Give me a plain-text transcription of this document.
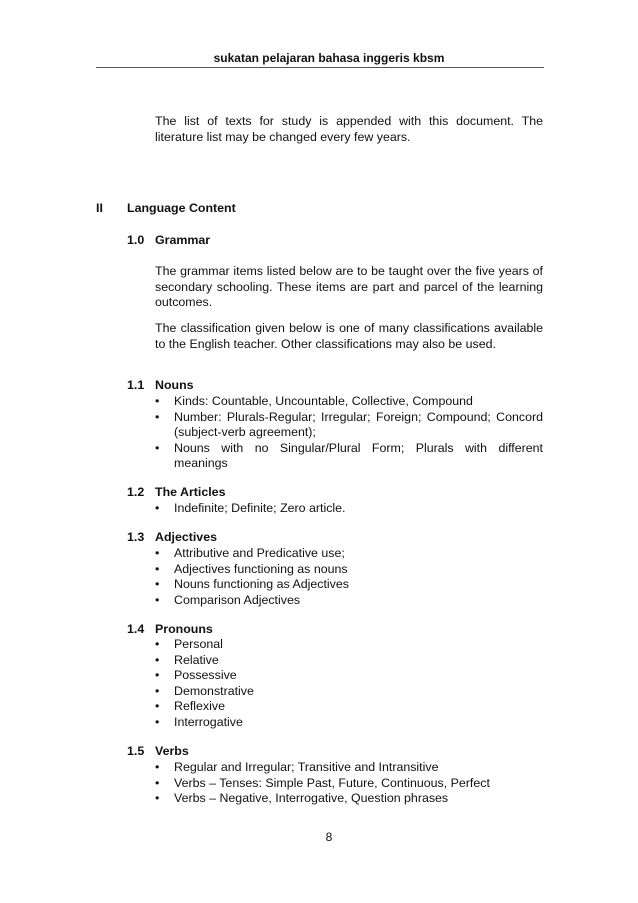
sukatan pelajaran bahasa inggeris kbsm

The list of texts for study is appended with this document. The literature list may be changed every few years.

II Language Content
1.0 Grammar

The grammar items listed below are to be taught over the five years of secondary schooling. These items are part and parcel of the learning outcomes.

The classification given below is one of many classifications available to the English teacher. Other classifications may also be used.

1.1 Nouns
• Kinds: Countable, Uncountable, Collective, Compound
• Number: Plurals-Regular; Irregular; Foreign; Compound; Concord (subject-verb agreement);
• Nouns with no Singular/Plural Form; Plurals with different meanings
1.2 The Articles
• Indefinite; Definite; Zero article.
1.3 Adjectives
• Attributive and Predicative use;
• Adjectives functioning as nouns
• Nouns functioning as Adjectives
• Comparison Adjectives
1.4 Pronouns
• Personal
• Relative
• Possessive
• Demonstrative
• Reflexive
• Interrogative
1.5 Verbs
• Regular and Irregular; Transitive and Intransitive
• Verbs – Tenses: Simple Past, Future, Continuous, Perfect
• Verbs – Negative, Interrogative, Question phrases
8
